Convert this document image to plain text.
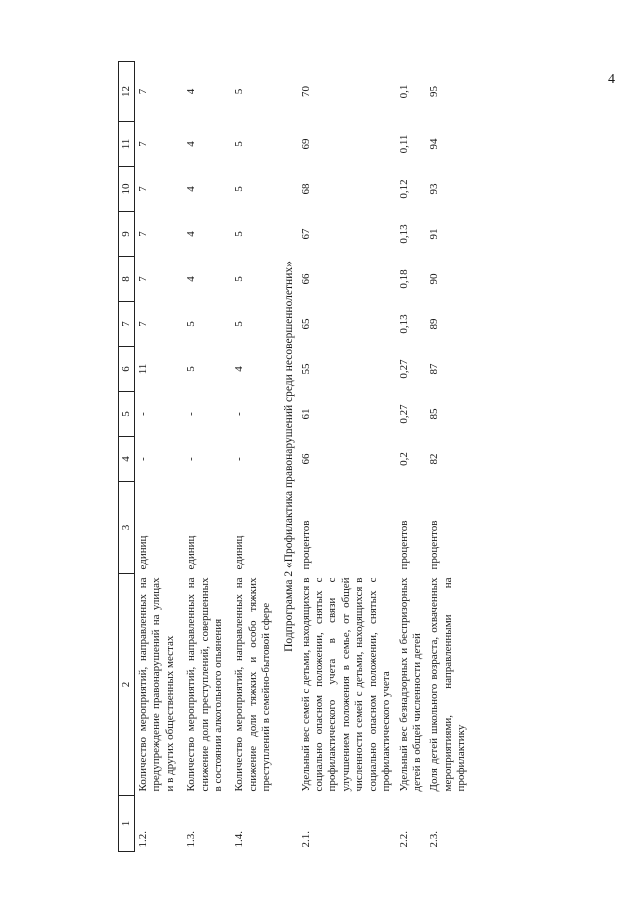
4
1	2	3	4	5	6	7	8	9	10	11	12
1.2.	Количество мероприятий, направленных на предупреждение правонарушений на улицах и в других общественных местах	единиц	-	-	11	7	7	7	7	7	7
1.3.	Количество мероприятий, направленных на снижение доли преступлений, совершенных в состоянии алкогольного опьянения	единиц	-	-	5	5	4	4	4	4	4
1.4.	Количество мероприятий, направленных на снижение доли тяжких и особо тяжких преступлений в семейно-бытовой сфере	единиц	-	-	4	5	5	5	5	5	5
Подпрограмма 2 «Профилактика правонарушений среди несовершеннолетних»											
2.1.	Удельный вес семей с детьми, находящихся в социально опасном положении, снятых с профилактического учета в связи с улучшением положения в семье, от общей численности семей с детьми, находящихся в социально опасном положении, снятых с профилактического учета	процентов	66	61	55	65	66	67	68	69	70
2.2.	Удельный вес безнадзорных и беспризорных детей в общей численности детей	процентов	0,2	0,27	0,27	0,13	0,18	0,13	0,12	0,11	0,1
2.3.	Доля детей школьного возраста, охваченных мероприятиями, направленными на профилактику	процентов	82	85	87	89	90	91	93	94	95
